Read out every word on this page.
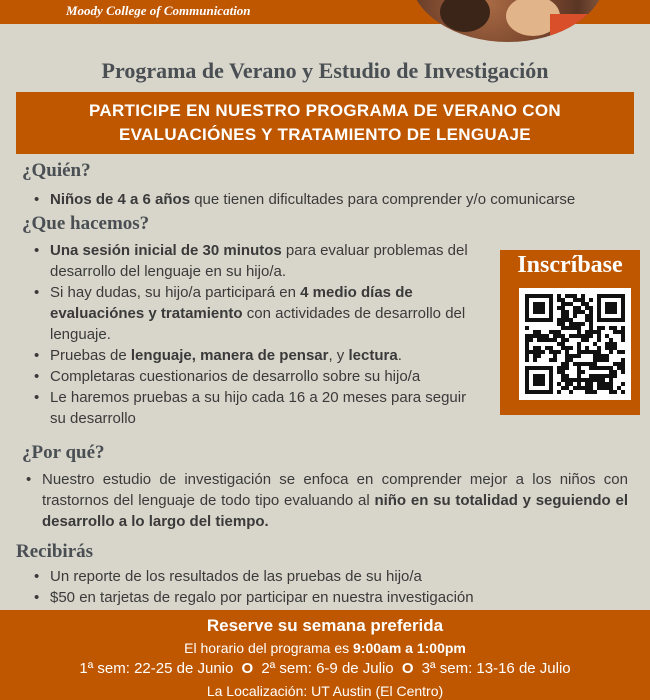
Moody College of Communication
Programa de Verano y Estudio de Investigación
PARTICIPE EN NUESTRO PROGRAMA DE VERANO CON
EVALUACIÓNES Y TRATAMIENTO DE LENGUAJE
¿Quién?
• Niños de 4 a 6 años que tienen dificultades para comprender y/o comunicarse
¿Que hacemos?
• Una sesión inicial de 30 minutos para evaluar problemas del desarrollo del lenguaje en su hijo/a.
• Si hay dudas, su hijo/a participará en 4 medio días de evaluaciónes y tratamiento con actividades de desarrollo del lenguaje.
• Pruebas de lenguaje, manera de pensar, y lectura.
• Completaras cuestionarios de desarrollo sobre su hijo/a
• Le haremos pruebas a su hijo cada 16 a 20 meses para seguir su desarrollo
Inscríbase
¿Por qué?
• Nuestro estudio de investigación se enfoca en comprender mejor a los niños con trastornos del lenguaje de todo tipo evaluando al niño en su totalidad y seguiendo el desarrollo a lo largo del tiempo.
Recibirás
• Un reporte de los resultados de las pruebas de su hijo/a
• $50 en tarjetas de regalo por participar en nuestra investigación
Reserve su semana preferida
El horario del programa es 9:00am a 1:00pm
1ª sem: 22-25 de Junio O 2ª sem: 6-9 de Julio O 3ª sem: 13-16 de Julio
La Localización: UT Austin (El Centro)
